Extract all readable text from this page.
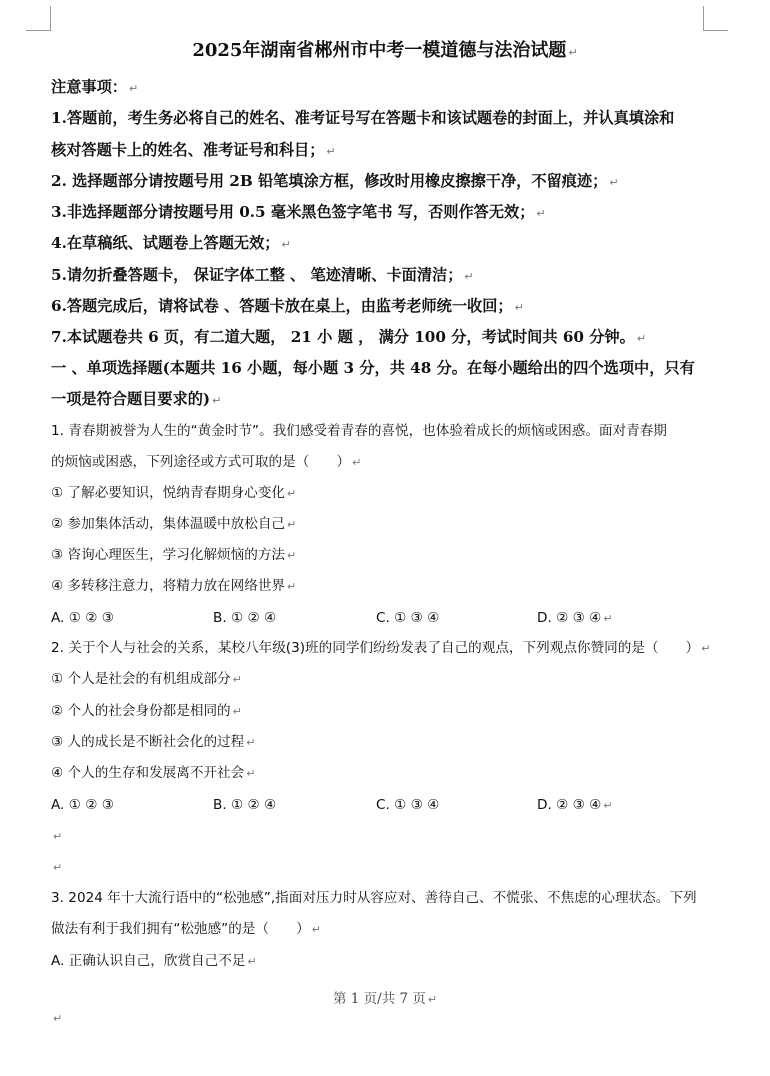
2025年湖南省郴州市中考一模道德与法治试题 ↵
注意事项： ↵
1.答题前，考生务必将自己的姓名、准考证号写在答题卡和该试题卷的封面上，并认真填涂和
核对答题卡上的姓名、准考证号和科目； ↵
2. 选择题部分请按题号用 2B 铅笔填涂方框，修改时用橡皮擦擦干净，不留痕迹； ↵
3.非选择题部分请按题号用 0.5 毫米黑色签字笔书 写，否则作答无效； ↵
4.在草稿纸、试题卷上答题无效； ↵
5.请勿折叠答题卡， 保证字体工整 、 笔迹清晰、卡面清洁； ↵
6.答题完成后，请将试卷 、答题卡放在桌上，由监考老师统一收回； ↵
7.本试题卷共 6 页，有二道大题， 21 小 题 ， 满分 100 分，考试时间共 60 分钟。 ↵
一 、单项选择题(本题共 16 小题，每小题 3 分，共 48 分。在每小题给出的四个选项中，只有
一项是符合题目要求的) ↵
1. 青春期被誉为人生的“黄金时节”。我们感受着青春的喜悦，也体验着成长的烦恼或困惑。面对青春期
的烦恼或困惑，下列途径或方式可取的是（　　） ↵
① 了解必要知识，悦纳青春期身心变化 ↵
② 参加集体活动，集体温暖中放松自己 ↵
③ 咨询心理医生，学习化解烦恼的方法 ↵
④ 多转移注意力，将精力放在网络世界 ↵
A. ① ② ③	B. ① ② ④	C. ① ③ ④	D. ② ③ ④ ↵
2. 关于个人与社会的关系，某校八年级(3)班的同学们纷纷发表了自己的观点，下列观点你赞同的是（　　） ↵
① 个人是社会的有机组成部分 ↵
② 个人的社会身份都是相同的 ↵
③ 人的成长是不断社会化的过程 ↵
④ 个人的生存和发展离不开社会 ↵
A. ① ② ③	B. ① ② ④	C. ① ③ ④	D. ② ③ ④ ↵
↵
↵
3. 2024 年十大流行语中的“松弛感”,指面对压力时从容应对、善待自己、不慌张、不焦虑的心理状态。下列
做法有利于我们拥有“松弛感”的是（　　） ↵
A. 正确认识自己，欣赏自己不足 ↵
第 1 页/共 7 页 ↵
↵
